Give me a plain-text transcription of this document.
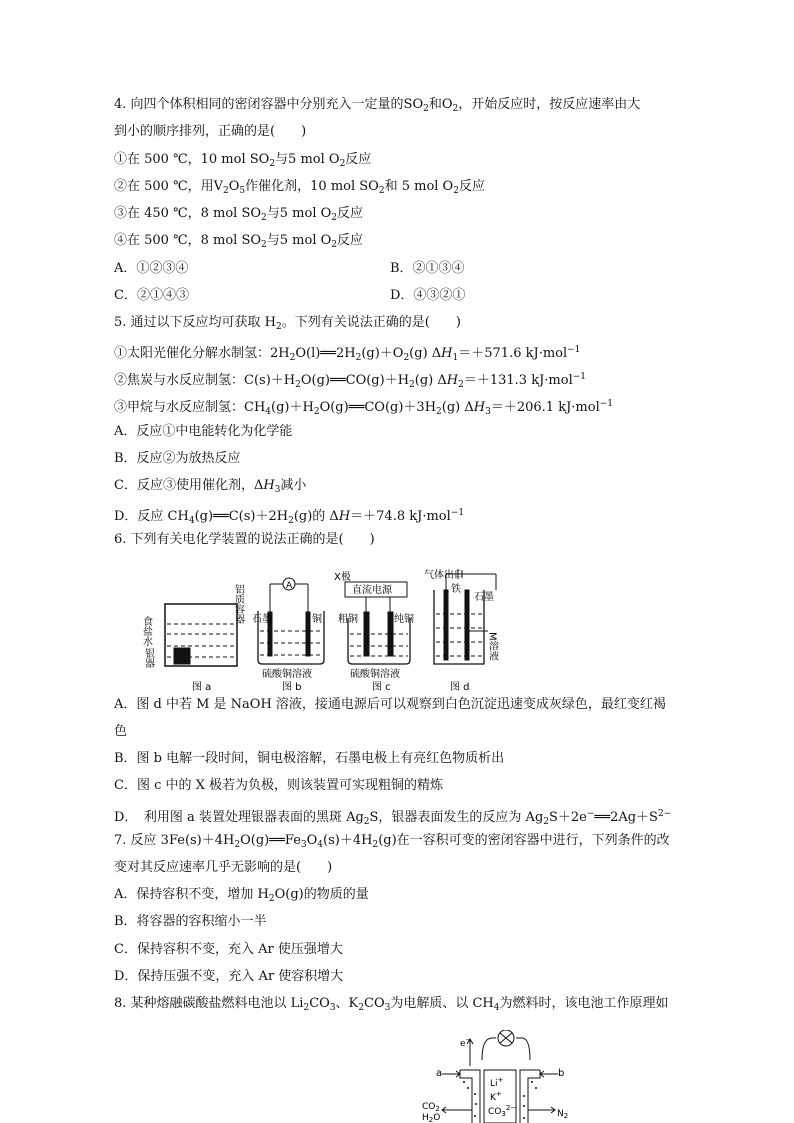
4. 向四个体积相同的密闭容器中分别充入一定量的$SO_2$和$O_2$，开始反应时，按反应速率由大
到小的顺序排列，正确的是(　　)
①在 500 ℃，10 mol $SO_2$与5 mol $O_2$反应
②在 500 ℃，用$V_2O_5$作催化剂，10 mol $SO_2$和 5 mol $O_2$反应
③在 450 ℃，8 mol $SO_2$与5 mol $O_2$反应
④在 500 ℃，8 mol $SO_2$与5 mol $O_2$反应
A．①②③④	B．②①③④
C．②①④③	D．④③②①
5. 通过以下反应均可获取 $H_2$。下列有关说法正确的是(　　)
①太阳光催化分解水制氢：$2H_2O(l)══2H_2(g)+O_2(g)$ $\Delta H_1=+571.6$ kJ·mol$^{-1}$
②焦炭与水反应制氢：$C(s)+H_2O(g)══CO(g)+H_2(g)$ $\Delta H_2=+131.3$ kJ·mol$^{-1}$
③甲烷与水反应制氢：$CH_4(g)+H_2O(g)══CO(g)+3H_2(g)$ $\Delta H_3=+206.1$ kJ·mol$^{-1}$
A．反应①中电能转化为化学能
B．反应②为放热反应
C．反应③使用催化剂，$\Delta H_3$减小
D．反应 $CH_4(g)══C(s)+2H_2(g)$的 ΔH＝＋74.8 kJ·mol$^{-1}$
6. 下列有关电化学装置的说法正确的是(　　)
食盐水
银器
铝质容器
图 a
A
石墨	铜
硫酸铜溶液
图 b
X极
直流电源
粗铜	纯铜
硫酸铜溶液
图 c
气体出口
铁
石墨
M溶液
图 d
A．图 d 中若 M 是 NaOH 溶液，接通电源后可以观察到白色沉淀迅速变成灰绿色，最红变红褐
色
B．图 b 电解一段时间，铜电极溶解，石墨电极上有亮红色物质析出
C．图 c 中的 X 极若为负极，则该装置可实现粗铜的精炼
D．　利用图 a 装置处理银器表面的黑斑 $Ag_2S$，银器表面发生的反应为 $Ag_2S+2e^-══2Ag+S^{2-}$
7. 反应 $3Fe(s)+4H_2O(g)══Fe_3O_4(s)+4H_2(g)$在一容积可变的密闭容器中进行，下列条件的改
变对其反应速率几乎无影响的是(　　)
A．保持容积不变，增加 $H_2O(g)$的物质的量
B．将容器的容积缩小一半
C．保持容积不变，充入 Ar 使压强增大
D．保持压强不变，充入 Ar 使容积增大
8. 某种熔融碳酸盐燃料电池以 $Li_2CO_3$、$K_2CO_3$为电解质、以 $CH_4$为燃料时，该电池工作原理如
a	b
e−
Li+
K+
$CO_3^{2-}$
$CO_2$
$H_2O$	$N_2$
